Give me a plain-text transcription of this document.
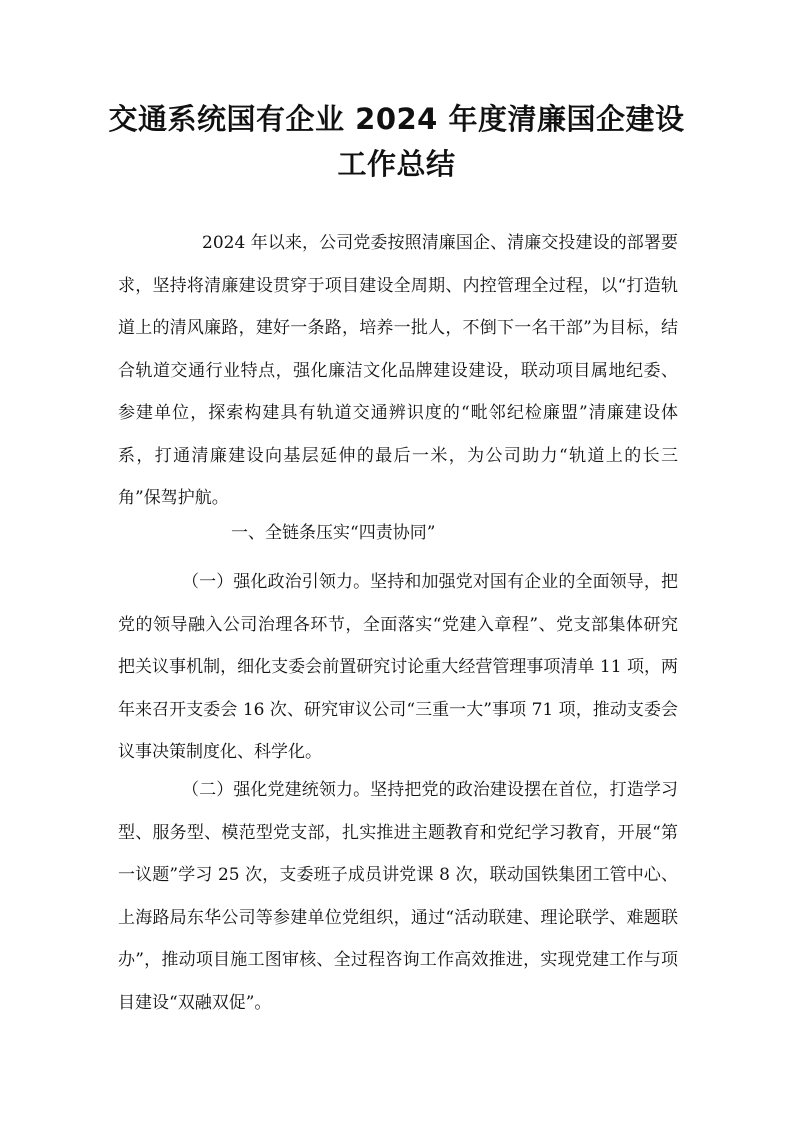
交通系统国有企业 2024 年度清廉国企建设
工作总结
2024 年以来，公司党委按照清廉国企、清廉交投建设的部署要求，坚持将清廉建设贯穿于项目建设全周期、内控管理全过程，以“打造轨道上的清风廉路，建好一条路，培养一批人，不倒下一名干部”为目标，结合轨道交通行业特点，强化廉洁文化品牌建设建设，联动项目属地纪委、参建单位，探索构建具有轨道交通辨识度的“毗邻纪检廉盟”清廉建设体系，打通清廉建设向基层延伸的最后一米，为公司助力“轨道上的长三角”保驾护航。
一、全链条压实“四责协同”
（一）强化政治引领力。坚持和加强党对国有企业的全面领导，把党的领导融入公司治理各环节，全面落实“党建入章程”、党支部集体研究把关议事机制，细化支委会前置研究讨论重大经营管理事项清单 11 项，两年来召开支委会 16 次、研究审议公司“三重一大”事项 71 项，推动支委会议事决策制度化、科学化。
（二）强化党建统领力。坚持把党的政治建设摆在首位，打造学习型、服务型、模范型党支部，扎实推进主题教育和党纪学习教育，开展“第一议题”学习 25 次，支委班子成员讲党课 8 次，联动国铁集团工管中心、上海路局东华公司等参建单位党组织，通过“活动联建、理论联学、难题联办”，推动项目施工图审核、全过程咨询工作高效推进，实现党建工作与项目建设“双融双促”。
